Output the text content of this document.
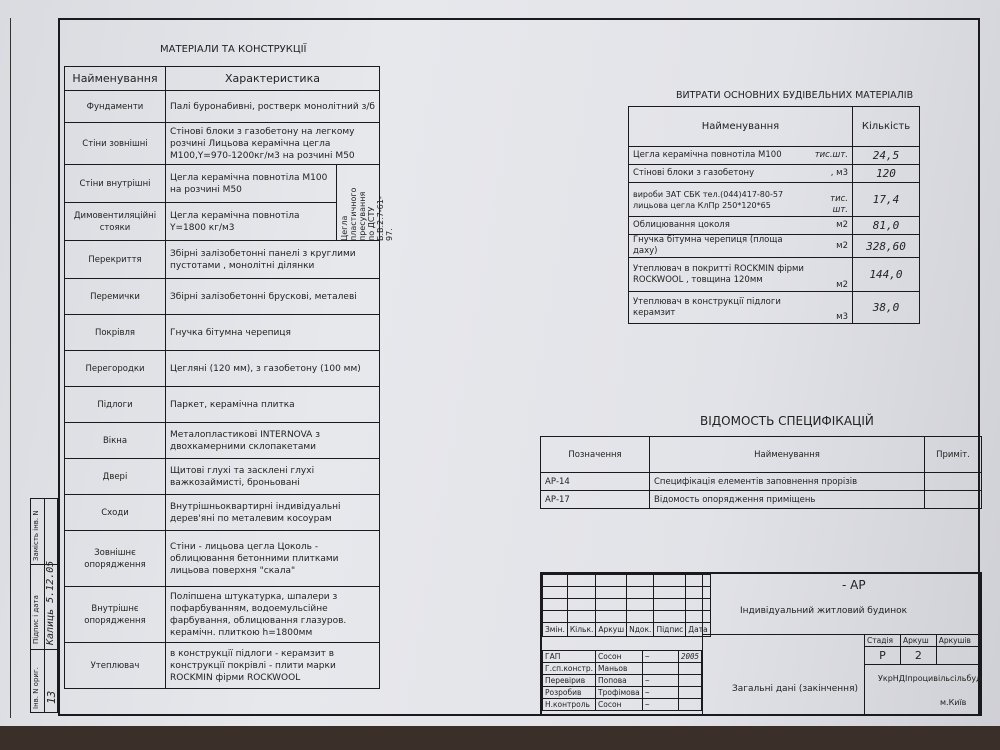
Інв. N ориг.
Підпис і дата
Замість інв. N
13
Калиць 5.12.05
МАТЕРІАЛИ ТА КОНСТРУКЦІЇ
Найменування	Характеристика	
Фундаменти	Палі буронабивні, ростверк монолітний з/б	
Стіни зовнішні	Стінові блоки з газобетону на легкому розчині Лицьова керамічна цегла М100,Y=970-1200кг/м3 на розчині М50	
Стіни внутрішні	Цегла керамічна повнотіла М100 на розчині М50	Цегла пластичного пресування по ДСТУ Б.В.2.7-61-97.

Димовентиляційні стояки	Цегла керамічна повнотіла Y=1800 кг/м3	
Перекриття	Збірні залізобетонні панелі з круглими пустотами , монолітні ділянки	
Перемички	Збірні залізобетонні брускові, металеві	
Покрівля	Гнучка бітумна черепиця	
Перегородки	Цегляні (120 мм), з газобетону (100 мм)	
Підлоги	Паркет, керамічна плитка	
Вікна	Металопластикові INTERNOVA з двохкамерними склопакетами	
Двері	Щитові глухі та засклені глухі важкозаймисті, броньовані	
Сходи	Внутрішньоквартирні індивідуальні дерев'яні по металевим косоурам	
Зовнішнє опорядження	Стіни - лицьова цегла Цоколь - облицювання бетонними плитками лицьова поверхня "скала"	
Внутрішнє опорядження	Поліпшена штукатурка, шпалери з пофарбуванням, водоемульсійне фарбування, облицювання глазуров. керамічн. плиткою h=1800мм	
Утеплювач	в конструкції підлоги - керамзит в конструкції покрівлі - плити марки ROCKMIN фірми ROCKWOOL	
ВИТРАТИ ОСНОВНИХ БУДІВЕЛЬНИХ МАТЕРІАЛІВ
Найменування		Кількість
Цегла керамічна повнотіла М100	тис.шт.	24,5
Стінові блоки з газобетону	, м3	120
вироби ЗАТ СБК тел.(044)417-80-57 лицьова цегла КлПр 250*120*65	тис. шт.	17,4
Облицювання цоколя	м2	81,0
Гнучка бітумна черепиця (площа даху)	м2	328,60
Утеплювач в покритті ROCKMIN фірми ROCKWOOL , товщина 120мм	м2	144,0
Утеплювач в конструкції підлоги керамзит	м3	38,0
ВІДОМОСТЬ СПЕЦИФІКАЦІЙ
Позначення	Найменування	Приміт.
АР-14	Специфікація елементів заповнення прорізів	
АР-17	Відомость опорядження приміщень	

Змін.	Кільк.	Аркуш	Nдок.	Підпис	Дата
ГАП	Сосон	~	2005
Г.сп.констр.	Маньов		
Перевірив	Попова	~	
Розробив	Трофімова	~	
Н.контроль	Сосон	~	
- АР
Індивідуальний житловий будинок
Загальні дані (закінчення)
Стадія	Аркуш	Аркушів
Р	2	
УкрНДІпроцивільсільбуд
м.Київ
